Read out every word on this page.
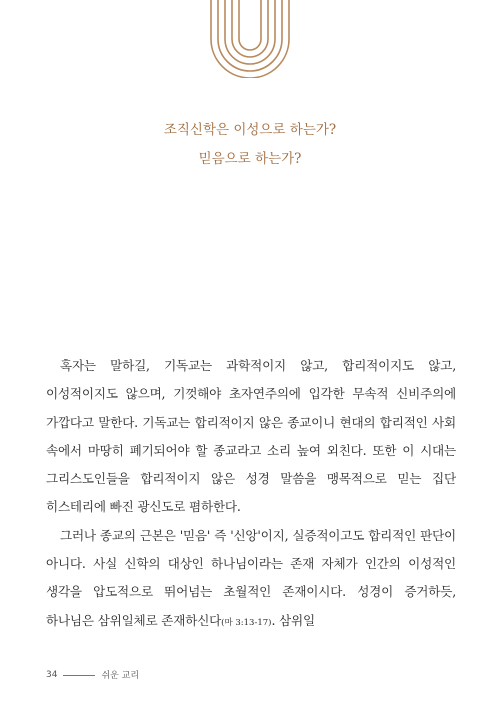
조직신학은 이성으로 하는가?
믿음으로 하는가?

혹자는 말하길, 기독교는 과학적이지 않고, 합리적이지도 않고, 이성적이지도 않으며, 기껏해야 초자연주의에 입각한 무속적 신비주의에 가깝다고 말한다. 기독교는 합리적이지 않은 종교이니 현대의 합리적인 사회 속에서 마땅히 폐기되어야 할 종교라고 소리 높여 외친다. 또한 이 시대는 그리스도인들을 합리적이지 않은 성경 말씀을 맹목적으로 믿는 집단 히스테리에 빠진 광신도로 폄하한다.

그러나 종교의 근본은 '믿음' 즉 '신앙'이지, 실증적이고도 합리적인 판단이 아니다. 사실 신학의 대상인 하나님이라는 존재 자체가 인간의 이성적인 생각을 압도적으로 뛰어넘는 초월적인 존재이시다. 성경이 증거하듯, 하나님은 삼위일체로 존재하신다(마 3:13-17). 삼위일

34	쉬운 교리
